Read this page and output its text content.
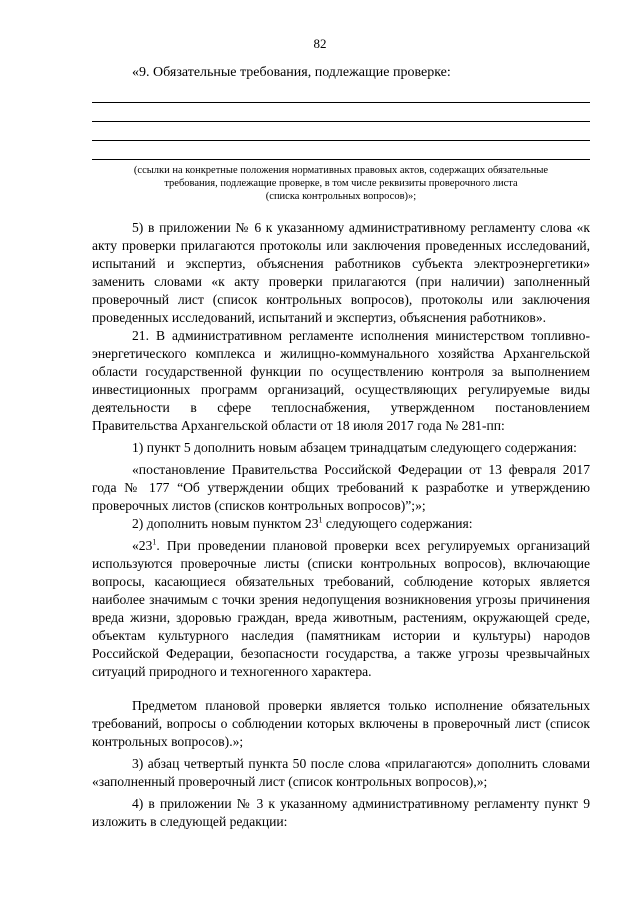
82

«9. Обязательные требования, подлежащие проверке:

(ссылки на конкретные положения нормативных правовых актов, содержащих обязательные
требования, подлежащие проверке, в том числе реквизиты проверочного листа
(списка контрольных вопросов)»;

5) в приложении № 6 к указанному административному регламенту слова «к акту проверки прилагаются протоколы или заключения проведенных исследований, испытаний и экспертиз, объяснения работников субъекта электроэнергетики» заменить словами «к акту проверки прилагаются (при наличии) заполненный проверочный лист (список контрольных вопросов), протоколы или заключения проведенных исследований, испытаний и экспертиз, объяснения работников».

21. В административном регламенте исполнения министерством топливно-энергетического комплекса и жилищно-коммунального хозяйства Архангельской области государственной функции по осуществлению контроля за выполнением инвестиционных программ организаций, осуществляющих регулируемые виды деятельности в сфере теплоснабжения, утвержденном постановлением Правительства Архангельской области от 18 июля 2017 года № 281-пп:

1) пункт 5 дополнить новым абзацем тринадцатым следующего содержания:

«постановление Правительства Российской Федерации от 13 февраля 2017 года № 177 “Об утверждении общих требований к разработке и утверждению проверочных листов (списков контрольных вопросов)”;»;

2) дополнить новым пунктом $23^1$ следующего содержания:

«$23^1$. При проведении плановой проверки всех регулируемых организаций используются проверочные листы (списки контрольных вопросов), включающие вопросы, касающиеся обязательных требований, соблюдение которых является наиболее значимым с точки зрения недопущения возникновения угрозы причинения вреда жизни, здоровью граждан, вреда животным, растениям, окружающей среде, объектам культурного наследия (памятникам истории и культуры) народов Российской Федерации, безопасности государства, а также угрозы чрезвычайных ситуаций природного и техногенного характера.

Предметом плановой проверки является только исполнение обязательных требований, вопросы о соблюдении которых включены в проверочный лист (список контрольных вопросов).»;

3) абзац четвертый пункта 50 после слова «прилагаются» дополнить словами «заполненный проверочный лист (список контрольных вопросов),»;

4) в приложении № 3 к указанному административному регламенту пункт 9 изложить в следующей редакции:
